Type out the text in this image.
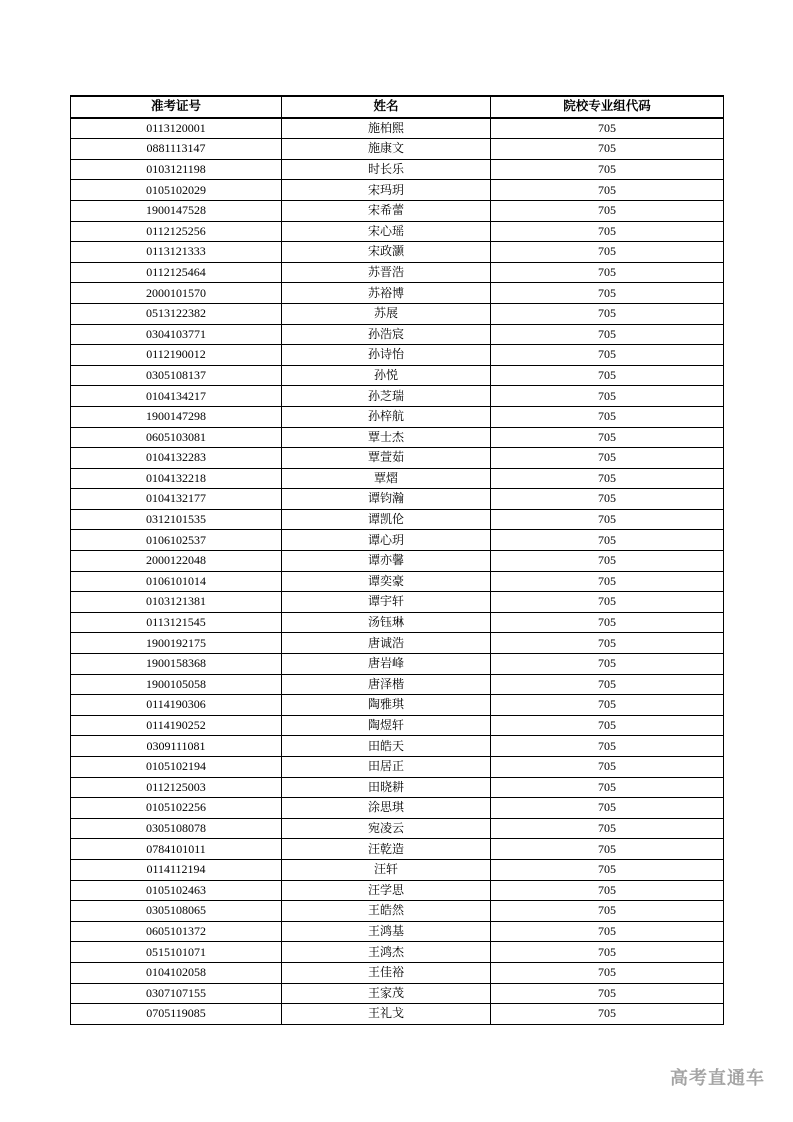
准考证号	姓名	院校专业组代码
0113120001	施柏熙	705
0881113147	施康文	705
0103121198	时长乐	705
0105102029	宋玛玥	705
1900147528	宋希蕾	705
0112125256	宋心瑶	705
0113121333	宋政灏	705
0112125464	苏晋浩	705
2000101570	苏裕博	705
0513122382	苏展	705
0304103771	孙浩宸	705
0112190012	孙诗怡	705
0305108137	孙悦	705
0104134217	孙芝瑞	705
1900147298	孙梓航	705
0605103081	覃士杰	705
0104132283	覃萱茹	705
0104132218	覃熠	705
0104132177	谭钧瀚	705
0312101535	谭凯伦	705
0106102537	谭心玥	705
2000122048	谭亦馨	705
0106101014	谭奕豪	705
0103121381	谭宇轩	705
0113121545	汤钰琳	705
1900192175	唐诚浩	705
1900158368	唐岩峰	705
1900105058	唐泽楷	705
0114190306	陶雅琪	705
0114190252	陶煜轩	705
0309111081	田皓天	705
0105102194	田居正	705
0112125003	田晓耕	705
0105102256	涂思琪	705
0305108078	宛凌云	705
0784101011	汪乾造	705
0114112194	汪轩	705
0105102463	汪学思	705
0305108065	王皓然	705
0605101372	王鸿基	705
0515101071	王鸿杰	705
0104102058	王佳裕	705
0307107155	王家茂	705
0705119085	王礼戈	705
高考直通车
